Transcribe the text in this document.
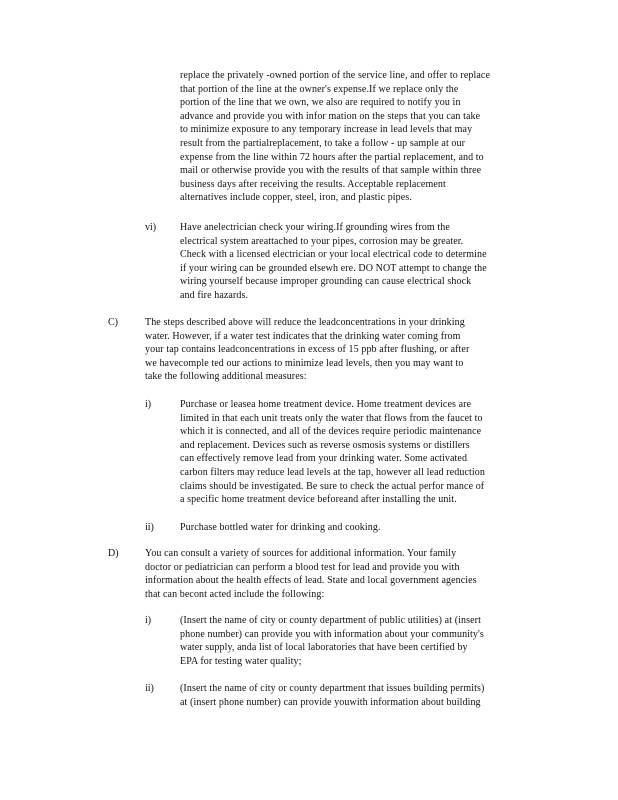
replace the privately -owned portion of the service line, and offer to replace

that portion of the line at the owner's expense.If we replace only the

portion of the line that we own, we also are required to notify you in

advance and provide you with infor mation on the steps that you can take

to minimize exposure to any temporary increase in lead levels that may

result from the partialreplacement, to take a follow - up sample at our

expense from the line within 72 hours after the partial replacement, and to

mail or otherwise provide you with the results of that sample within three

business days after receiving the results. Acceptable replacement

alternatives include copper, steel, iron, and plastic pipes.

vi) Have anelectrician check your wiring.If grounding wires from the

electrical system areattached to your pipes, corrosion may be greater.

Check with a licensed electrician or your local electrical code to determine

if your wiring can be grounded elsewh ere. DO NOT attempt to change the

wiring yourself because improper grounding can cause electrical shock

and fire hazards.

C)	The steps described above will reduce the leadconcentrations in your drinking

water. However, if a water test indicates that the drinking water coming from

your tap contains leadconcentrations in excess of 15 ppb after flushing, or after

we havecomple ted our actions to minimize lead levels, then you may want to

take the following additional measures:

i)	Purchase or leasea home treatment device. Home treatment devices are

limited in that each unit treats only the water that flows from the faucet to

which it is connected, and all of the devices require periodic maintenance

and replacement. Devices such as reverse osmosis systems or distillers

can effectively remove lead from your drinking water. Some activated

carbon filters may reduce lead levels at the tap, however all lead reduction

claims should be investigated. Be sure to check the actual perfor mance of

a specific home treatment device beforeand after installing the unit.

ii)	Purchase bottled water for drinking and cooking.

D)	You can consult a variety of sources for additional information. Your family

doctor or pediatrician can perform a blood test for lead and provide you with

information about the health effects of lead. State and local government agencies

that can becont acted include the following:

i)	(Insert the name of city or county department of public utilities) at (insert

phone number) can provide you with information about your community's

water supply, anda list of local laboratories that have been certified by

EPA for testing water quality;

ii)	(Insert the name of city or county department that issues building permits)

at (insert phone number) can provide youwith information about building
